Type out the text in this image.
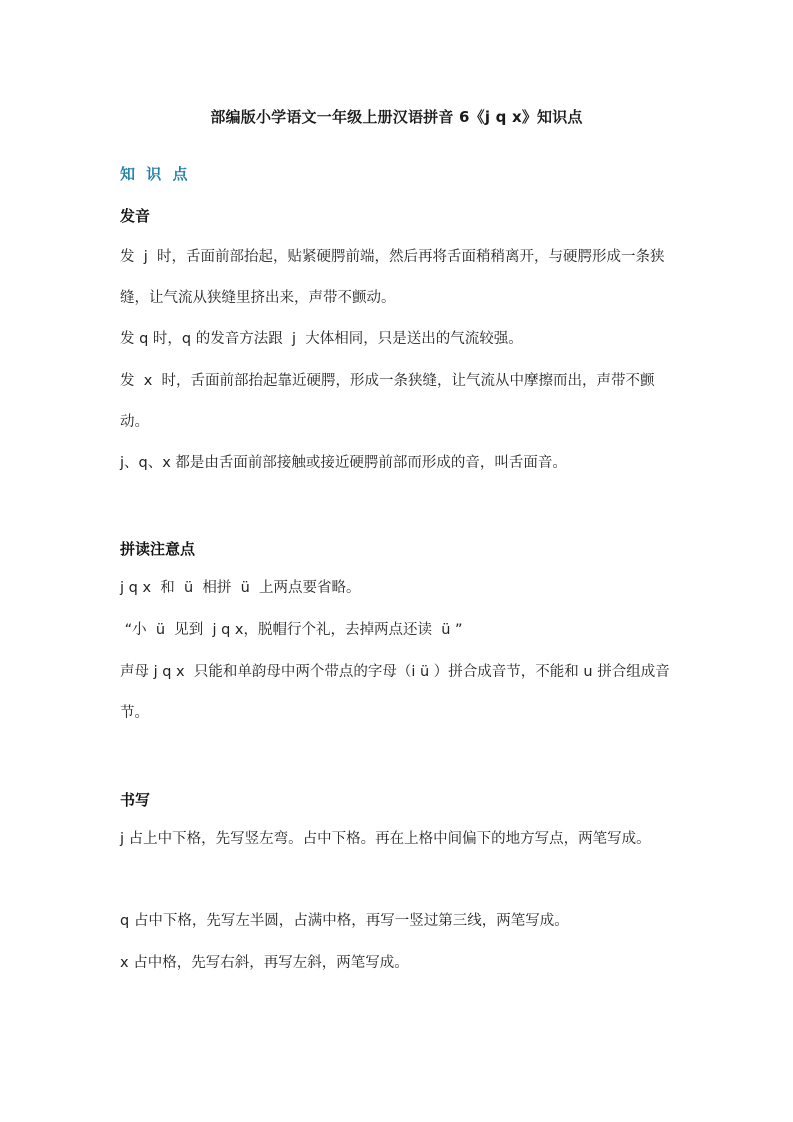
部编版小学语文一年级上册汉语拼音 6《j q x》知识点
知 识 点
发音
发  j  时，舌面前部抬起，贴紧硬腭前端，然后再将舌面稍稍离开，与硬腭形成一条狭缝，让气流从狭缝里挤出来，声带不颤动。
发 q 时，q 的发音方法跟  j  大体相同，只是送出的气流较强。
发  x  时，舌面前部抬起靠近硬腭，形成一条狭缝，让气流从中摩擦而出，声带不颤动。
j、q、x 都是由舌面前部接触或接近硬腭前部而形成的音，叫舌面音。
拼读注意点
j q x  和  ü  相拼  ü  上两点要省略。
“小  ü  见到  j q x，脱帽行个礼，去掉两点还读  ü ”
声母 j q x  只能和单韵母中两个带点的字母（i ü ）拼合成音节，不能和 u 拼合组成音节。
书写
j 占上中下格，先写竖左弯。占中下格。再在上格中间偏下的地方写点，两笔写成。
q 占中下格，先写左半圆，占满中格，再写一竖过第三线，两笔写成。
x 占中格，先写右斜，再写左斜，两笔写成。
